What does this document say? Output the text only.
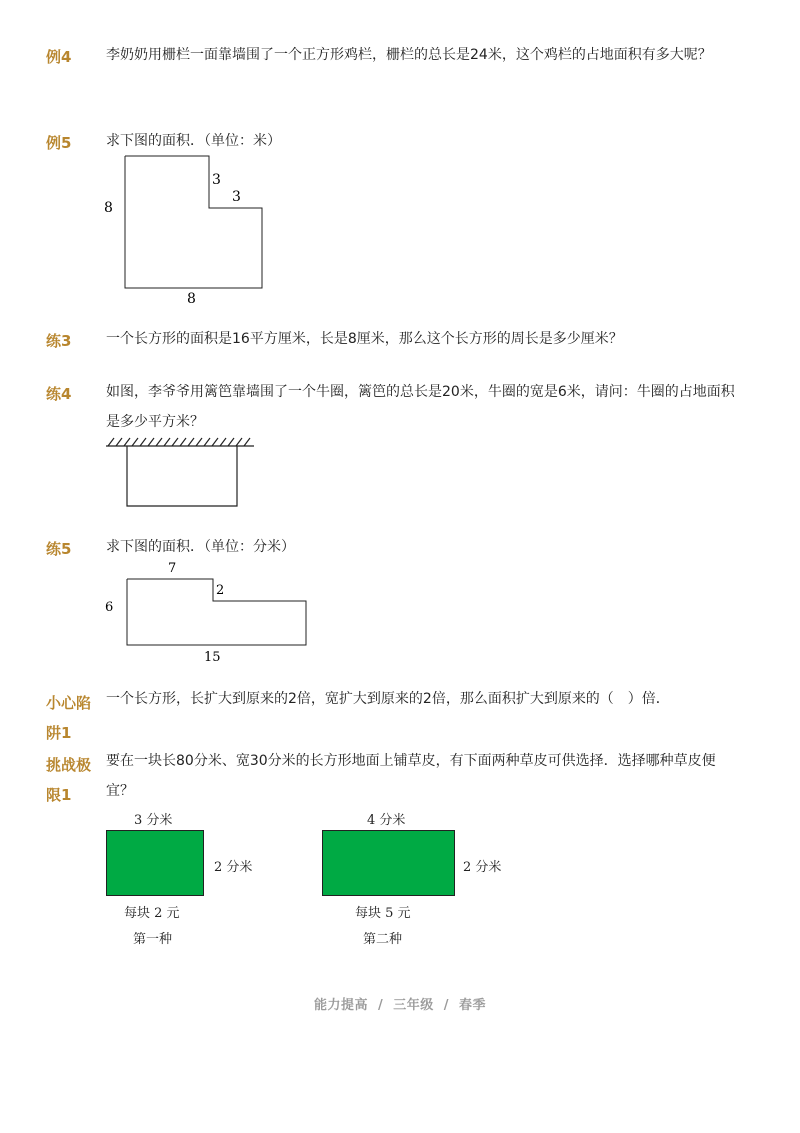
例4 李奶奶用栅栏一面靠墙围了一个正方形鸡栏，栅栏的总长是24米，这个鸡栏的占地面积有多大呢？
例5 求下图的面积．（单位：米）
8
3
3
8
练3 一个长方形的面积是16平方厘米，长是8厘米，那么这个长方形的周长是多少厘米？
练4 如图，李爷爷用篱笆靠墙围了一个牛圈，篱笆的总长是20米，牛圈的宽是6米，请问：牛圈的占地面积是多少平方米？
练5 求下图的面积．（单位：分米）
7
2
6
15
小心陷阱1
一个长方形，长扩大到原来的2倍，宽扩大到原来的2倍，那么面积扩大到原来的（　）倍．
挑战极限1
要在一块长80分米、宽30分米的长方形地面上铺草皮，有下面两种草皮可供选择．选择哪种草皮便宜？
3 分米
2 分米
每块 2 元
第一种
4 分米
2 分米
每块 5 元
第二种
能力提高 / 三年级 / 春季
